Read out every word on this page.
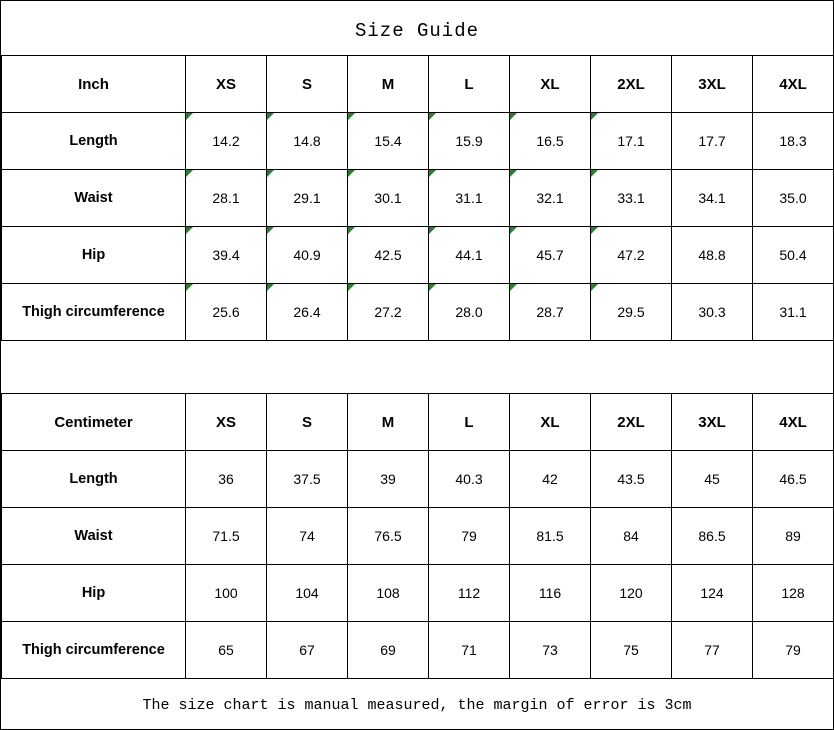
Size Guide
Inch	XS	S	M	L	XL	2XL	3XL	4XL
Length	14.2	14.8	15.4	15.9	16.5	17.1	17.7	18.3
Waist	28.1	29.1	30.1	31.1	32.1	33.1	34.1	35.0
Hip	39.4	40.9	42.5	44.1	45.7	47.2	48.8	50.4
Thigh circumference	25.6	26.4	27.2	28.0	28.7	29.5	30.3	31.1
Centimeter	XS	S	M	L	XL	2XL	3XL	4XL
Length	36	37.5	39	40.3	42	43.5	45	46.5
Waist	71.5	74	76.5	79	81.5	84	86.5	89
Hip	100	104	108	112	116	120	124	128
Thigh circumference	65	67	69	71	73	75	77	79
The size chart is manual measured, the margin of error is 3cm
